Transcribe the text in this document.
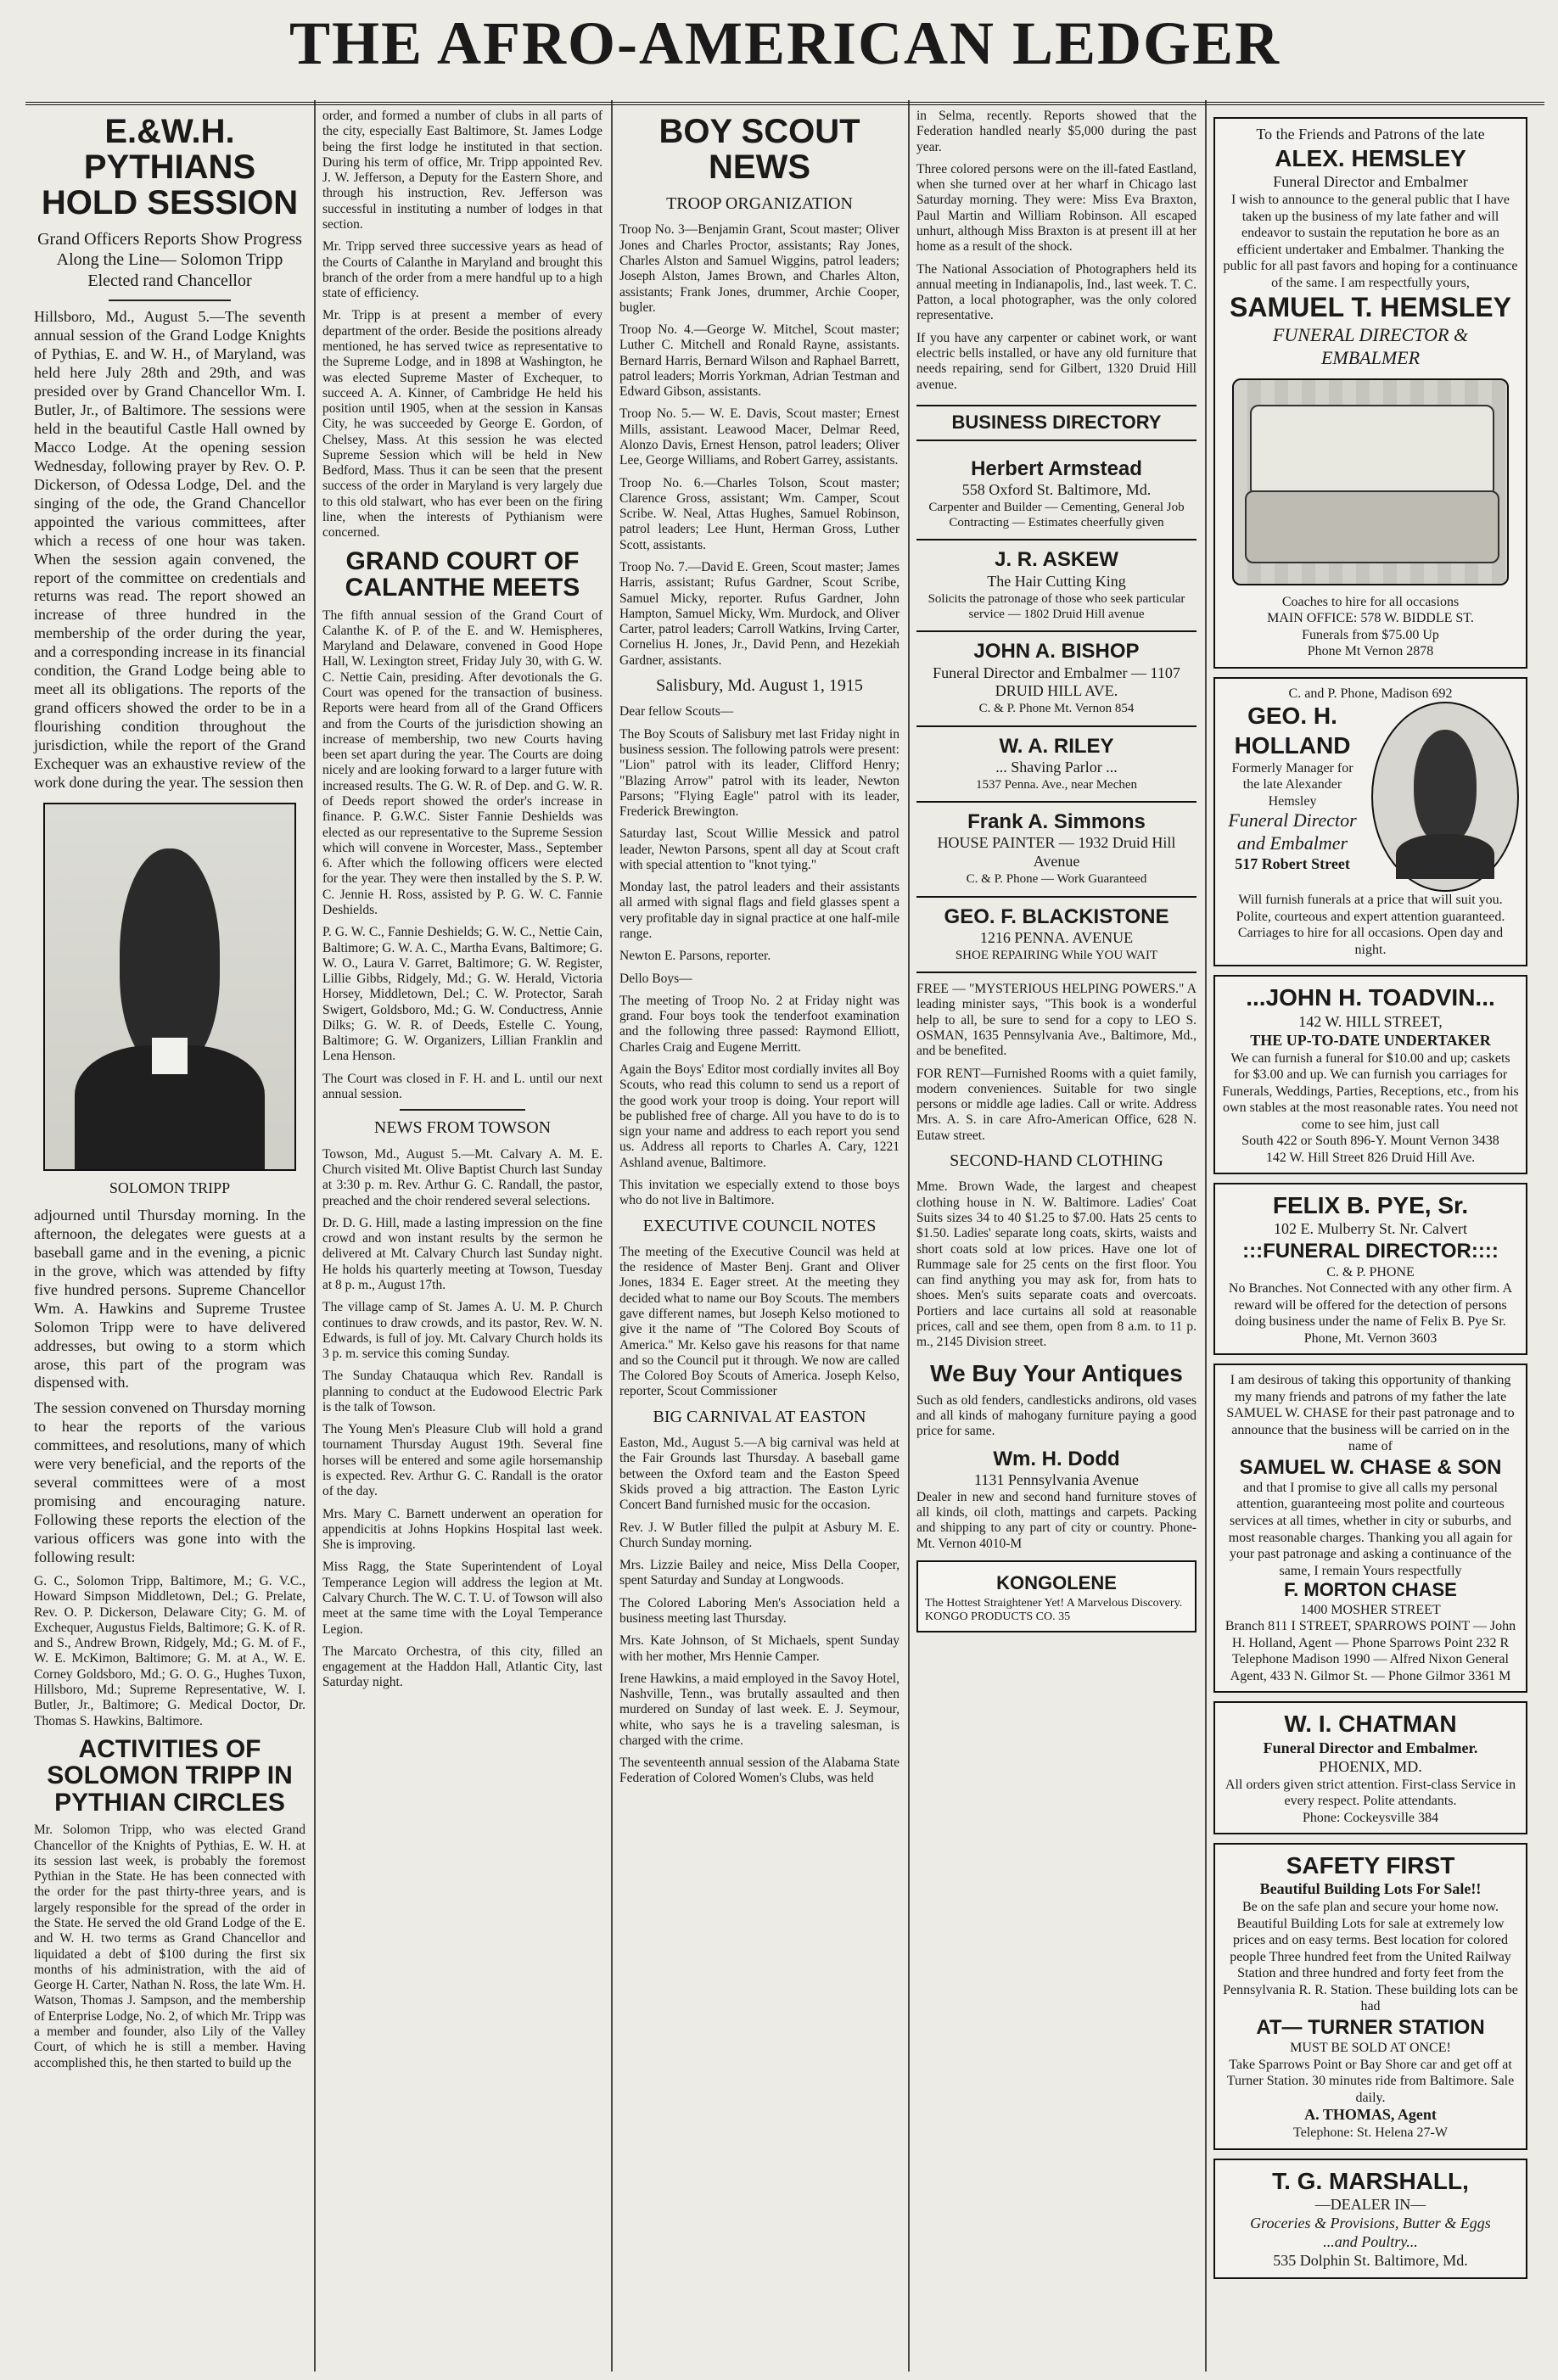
THE AFRO-AMERICAN LEDGER
E.&W.H. PYTHIANS HOLD SESSION
Grand Officers Reports Show Progress Along the Line— Solomon Tripp Elected rand Chancellor

Hillsboro, Md., August 5.—The seventh annual session of the Grand Lodge Knights of Pythias, E. and W. H., of Maryland, was held here July 28th and 29th, and was presided over by Grand Chancellor Wm. I. Butler, Jr., of Baltimore. The sessions were held in the beautiful Castle Hall owned by Macco Lodge. At the opening session Wednesday, following prayer by Rev. O. P. Dickerson, of Odessa Lodge, Del. and the singing of the ode, the Grand Chancellor appointed the various committees, after which a recess of one hour was taken. When the session again convened, the report of the committee on credentials and returns was read. The report showed an increase of three hundred in the membership of the order during the year, and a corresponding increase in its financial condition, the Grand Lodge being able to meet all its obligations. The reports of the grand officers showed the order to be in a flourishing condition throughout the jurisdiction, while the report of the Grand Exchequer was an exhaustive review of the work done during the year. The session then

SOLOMON TRIPP

adjourned until Thursday morning. In the afternoon, the delegates were guests at a baseball game and in the evening, a picnic in the grove, which was attended by fifty five hundred persons. Supreme Chancellor Wm. A. Hawkins and Supreme Trustee Solomon Tripp were to have delivered addresses, but owing to a storm which arose, this part of the program was dispensed with.

The session convened on Thursday morning to hear the reports of the various committees, and resolutions, many of which were very beneficial, and the reports of the several committees were of a most promising and encouraging nature. Following these reports the election of the various officers was gone into with the following result:

G. C., Solomon Tripp, Baltimore, M.; G. V.C., Howard Simpson Middletown, Del.; G. Prelate, Rev. O. P. Dickerson, Delaware City; G. M. of Exchequer, Augustus Fields, Baltimore; G. K. of R. and S., Andrew Brown, Ridgely, Md.; G. M. of F., W. E. McKimon, Baltimore; G. M. at A., W. E. Corney Goldsboro, Md.; G. O. G., Hughes Tuxon, Hillsboro, Md.; Supreme Representative, W. I. Butler, Jr., Baltimore; G. Medical Doctor, Dr. Thomas S. Hawkins, Baltimore.

ACTIVITIES OF SOLOMON TRIPP IN PYTHIAN CIRCLES

Mr. Solomon Tripp, who was elected Grand Chancellor of the Knights of Pythias, E. W. H. at its session last week, is probably the foremost Pythian in the State. He has been connected with the order for the past thirty-three years, and is largely responsible for the spread of the order in the State. He served the old Grand Lodge of the E. and W. H. two terms as Grand Chancellor and liquidated a debt of $100 during the first six months of his administration, with the aid of George H. Carter, Nathan N. Ross, the late Wm. H. Watson, Thomas J. Sampson, and the membership of Enterprise Lodge, No. 2, of which Mr. Tripp was a member and founder, also Lily of the Valley Court, of which he is still a member. Having accomplished this, he then started to build up the

order, and formed a number of clubs in all parts of the city, especially East Baltimore, St. James Lodge being the first lodge he instituted in that section. During his term of office, Mr. Tripp appointed Rev. J. W. Jefferson, a Deputy for the Eastern Shore, and through his instruction, Rev. Jefferson was successful in instituting a number of lodges in that section.

Mr. Tripp served three successive years as head of the Courts of Calanthe in Maryland and brought this branch of the order from a mere handful up to a high state of efficiency.

Mr. Tripp is at present a member of every department of the order. Beside the positions already mentioned, he has served twice as representative to the Supreme Lodge, and in 1898 at Washington, he was elected Supreme Master of Exchequer, to succeed A. A. Kinner, of Cambridge He held his position until 1905, when at the session in Kansas City, he was succeeded by George E. Gordon, of Chelsey, Mass. At this session he was elected Supreme Session which will be held in New Bedford, Mass. Thus it can be seen that the present success of the order in Maryland is very largely due to this old stalwart, who has ever been on the firing line, when the interests of Pythianism were concerned.

GRAND COURT OF CALANTHE MEETS

The fifth annual session of the Grand Court of Calanthe K. of P. of the E. and W. Hemispheres, Maryland and Delaware, convened in Good Hope Hall, W. Lexington street, Friday July 30, with G. W. C. Nettie Cain, presiding. After devotionals the G. Court was opened for the transaction of business. Reports were heard from all of the Grand Officers and from the Courts of the jurisdiction showing an increase of membership, two new Courts having been set apart during the year. The Courts are doing nicely and are looking forward to a larger future with increased results. The G. W. R. of Dep. and G. W. R. of Deeds report showed the order's increase in finance. P. G.W.C. Sister Fannie Deshields was elected as our representative to the Supreme Session which will convene in Worcester, Mass., September 6. After which the following officers were elected for the year. They were then installed by the S. P. W. C. Jennie H. Ross, assisted by P. G. W. C. Fannie Deshields.

P. G. W. C., Fannie Deshields; G. W. C., Nettie Cain, Baltimore; G. W. A. C., Martha Evans, Baltimore; G. W. O., Laura V. Garret, Baltimore; G. W. Register, Lillie Gibbs, Ridgely, Md.; G. W. Herald, Victoria Horsey, Middletown, Del.; C. W. Protector, Sarah Swigert, Goldsboro, Md.; G. W. Conductress, Annie Dilks; G. W. R. of Deeds, Estelle C. Young, Baltimore; G. W. Organizers, Lillian Franklin and Lena Henson.

The Court was closed in F. H. and L. until our next annual session.

NEWS FROM TOWSON

Towson, Md., August 5.—Mt. Calvary A. M. E. Church visited Mt. Olive Baptist Church last Sunday at 3:30 p. m. Rev. Arthur G. C. Randall, the pastor, preached and the choir rendered several selections.

Dr. D. G. Hill, made a lasting impression on the fine crowd and won instant results by the sermon he delivered at Mt. Calvary Church last Sunday night. He holds his quarterly meeting at Towson, Tuesday at 8 p. m., August 17th.

The village camp of St. James A. U. M. P. Church continues to draw crowds, and its pastor, Rev. W. N. Edwards, is full of joy. Mt. Calvary Church holds its 3 p. m. service this coming Sunday.

The Sunday Chatauqua which Rev. Randall is planning to conduct at the Eudowood Electric Park is the talk of Towson.

The Young Men's Pleasure Club will hold a grand tournament Thursday August 19th. Several fine horses will be entered and some agile horsemanship is expected. Rev. Arthur G. C. Randall is the orator of the day.

Mrs. Mary C. Barnett underwent an operation for appendicitis at Johns Hopkins Hospital last week. She is improving.

Miss Ragg, the State Superintendent of Loyal Temperance Legion will address the legion at Mt. Calvary Church. The W. C. T. U. of Towson will also meet at the same time with the Loyal Temperance Legion.

The Marcato Orchestra, of this city, filled an engagement at the Haddon Hall, Atlantic City, last Saturday night.

BOY SCOUT NEWS
TROOP ORGANIZATION

Troop No. 3—Benjamin Grant, Scout master; Oliver Jones and Charles Proctor, assistants; Ray Jones, Charles Alston and Samuel Wiggins, patrol leaders; Joseph Alston, James Brown, and Charles Alton, assistants; Frank Jones, drummer, Archie Cooper, bugler.

Troop No. 4.—George W. Mitchel, Scout master; Luther C. Mitchell and Ronald Rayne, assistants. Bernard Harris, Bernard Wilson and Raphael Barrett, patrol leaders; Morris Yorkman, Adrian Testman and Edward Gibson, assistants.

Troop No. 5.— W. E. Davis, Scout master; Ernest Mills, assistant. Leawood Macer, Delmar Reed, Alonzo Davis, Ernest Henson, patrol leaders; Oliver Lee, George Williams, and Robert Garrey, assistants.

Troop No. 6.—Charles Tolson, Scout master; Clarence Gross, assistant; Wm. Camper, Scout Scribe. W. Neal, Attas Hughes, Samuel Robinson, patrol leaders; Lee Hunt, Herman Gross, Luther Scott, assistants.

Troop No. 7.—David E. Green, Scout master; James Harris, assistant; Rufus Gardner, Scout Scribe, Samuel Micky, reporter. Rufus Gardner, John Hampton, Samuel Micky, Wm. Murdock, and Oliver Carter, patrol leaders; Carroll Watkins, Irving Carter, Cornelius H. Jones, Jr., David Penn, and Hezekiah Gardner, assistants.

Salisbury, Md. August 1, 1915

Dear fellow Scouts—

The Boy Scouts of Salisbury met last Friday night in business session. The following patrols were present: "Lion" patrol with its leader, Clifford Henry; "Blazing Arrow" patrol with its leader, Newton Parsons; "Flying Eagle" patrol with its leader, Frederick Brewington.

Saturday last, Scout Willie Messick and patrol leader, Newton Parsons, spent all day at Scout craft with special attention to "knot tying."

Monday last, the patrol leaders and their assistants all armed with signal flags and field glasses spent a very profitable day in signal practice at one half-mile range.

Newton E. Parsons, reporter.

Dello Boys—

The meeting of Troop No. 2 at Friday night was grand. Four boys took the tenderfoot examination and the following three passed: Raymond Elliott, Charles Craig and Eugene Merritt.

Again the Boys' Editor most cordially invites all Boy Scouts, who read this column to send us a report of the good work your troop is doing. Your report will be published free of charge. All you have to do is to sign your name and address to each report you send us. Address all reports to Charles A. Cary, 1221 Ashland avenue, Baltimore.

This invitation we especially extend to those boys who do not live in Baltimore.

EXECUTIVE COUNCIL NOTES

The meeting of the Executive Council was held at the residence of Master Benj. Grant and Oliver Jones, 1834 E. Eager street. At the meeting they decided what to name our Boy Scouts. The members gave different names, but Joseph Kelso motioned to give it the name of "The Colored Boy Scouts of America." Mr. Kelso gave his reasons for that name and so the Council put it through. We now are called The Colored Boy Scouts of America. Joseph Kelso, reporter, Scout Commissioner

BIG CARNIVAL AT EASTON

Easton, Md., August 5.—A big carnival was held at the Fair Grounds last Thursday. A baseball game between the Oxford team and the Easton Speed Skids proved a big attraction. The Easton Lyric Concert Band furnished music for the occasion.

Rev. J. W Butler filled the pulpit at Asbury M. E. Church Sunday morning.

Mrs. Lizzie Bailey and neice, Miss Della Cooper, spent Saturday and Sunday at Longwoods.

The Colored Laboring Men's Association held a business meeting last Thursday.

Mrs. Kate Johnson, of St Michaels, spent Sunday with her mother, Mrs Hennie Camper.

Irene Hawkins, a maid employed in the Savoy Hotel, Nashville, Tenn., was brutally assaulted and then murdered on Sunday of last week. E. J. Seymour, white, who says he is a traveling salesman, is charged with the crime.

The seventeenth annual session of the Alabama State Federation of Colored Women's Clubs, was held

in Selma, recently. Reports showed that the Federation handled nearly $5,000 during the past year.

Three colored persons were on the ill-fated Eastland, when she turned over at her wharf in Chicago last Saturday morning. They were: Miss Eva Braxton, Paul Martin and William Robinson. All escaped unhurt, although Miss Braxton is at present ill at her home as a result of the shock.

The National Association of Photographers held its annual meeting in Indianapolis, Ind., last week. T. C. Patton, a local photographer, was the only colored representative.

If you have any carpenter or cabinet work, or want electric bells installed, or have any old furniture that needs repairing, send for Gilbert, 1320 Druid Hill avenue.

BUSINESS DIRECTORY
Herbert Armstead
558 Oxford St. Baltimore, Md.
Carpenter and Builder — Cementing, General Job Contracting — Estimates cheerfully given
J. R. ASKEW
The Hair Cutting King
Solicits the patronage of those who seek particular service — 1802 Druid Hill avenue
JOHN A. BISHOP
Funeral Director and Embalmer — 1107 DRUID HILL AVE.
C. & P. Phone Mt. Vernon 854
W. A. RILEY
... Shaving Parlor ...
1537 Penna. Ave., near Mechen
Frank A. Simmons
HOUSE PAINTER — 1932 Druid Hill Avenue
C. & P. Phone — Work Guaranteed
GEO. F. BLACKISTONE
1216 PENNA. AVENUE
SHOE REPAIRING While YOU WAIT

FREE — "MYSTERIOUS HELPING POWERS." A leading minister says, "This book is a wonderful help to all, be sure to send for a copy to LEO S. OSMAN, 1635 Pennsylvania Ave., Baltimore, Md., and be benefited.

FOR RENT—Furnished Rooms with a quiet family, modern conveniences. Suitable for two single persons or middle age ladies. Call or write. Address Mrs. A. S. in care Afro-American Office, 628 N. Eutaw street.

SECOND-HAND CLOTHING

Mme. Brown Wade, the largest and cheapest clothing house in N. W. Baltimore. Ladies' Coat Suits sizes 34 to 40 $1.25 to $7.00. Hats 25 cents to $1.50. Ladies' separate long coats, skirts, waists and short coats sold at low prices. Have one lot of Rummage sale for 25 cents on the first floor. You can find anything you may ask for, from hats to shoes. Men's suits separate coats and overcoats. Portiers and lace curtains all sold at reasonable prices, call and see them, open from 8 a.m. to 11 p. m., 2145 Division street.

We Buy Your Antiques

Such as old fenders, candlesticks andirons, old vases and all kinds of mahogany furniture paying a good price for same.

Wm. H. Dodd
1131 Pennsylvania Avenue

Dealer in new and second hand furniture stoves of all kinds, oil cloth, mattings and carpets. Packing and shipping to any part of city or country. Phone-Mt. Vernon 4010-M

KONGOLENE
The Hottest Straightener Yet! A Marvelous Discovery. KONGO PRODUCTS CO. 35
To the Friends and Patrons of the late
ALEX. HEMSLEY
Funeral Director and Embalmer
I wish to announce to the general public that I have taken up the business of my late father and will endeavor to sustain the reputation he bore as an efficient undertaker and Embalmer. Thanking the public for all past favors and hoping for a continuance of the same. I am respectfully yours,
SAMUEL T. HEMSLEY
FUNERAL DIRECTOR & EMBALMER
Coaches to hire for all occasions
MAIN OFFICE: 578 W. BIDDLE ST.
Funerals from $75.00 Up
Phone Mt Vernon 2878
C. and P. Phone, Madison 692
GEO. H. HOLLAND
Formerly Manager for the late Alexander Hemsley
Funeral Director and Embalmer
517 Robert Street
Will furnish funerals at a price that will suit you. Polite, courteous and expert attention guaranteed. Carriages to hire for all occasions. Open day and night.
...JOHN H. TOADVIN...
142 W. HILL STREET,
THE UP-TO-DATE UNDERTAKER
We can furnish a funeral for $10.00 and up; caskets for $3.00 and up. We can furnish you carriages for Funerals, Weddings, Parties, Receptions, etc., from his own stables at the most reasonable rates. You need not come to see him, just call
South 422 or South 896-Y. Mount Vernon 3438
142 W. Hill Street 826 Druid Hill Ave.
FELIX B. PYE, Sr.
102 E. Mulberry St. Nr. Calvert
:::FUNERAL DIRECTOR::::
C. & P. PHONE
No Branches. Not Connected with any other firm. A reward will be offered for the detection of persons doing business under the name of Felix B. Pye Sr.
Phone, Mt. Vernon 3603
I am desirous of taking this opportunity of thanking my many friends and patrons of my father the late SAMUEL W. CHASE for their past patronage and to announce that the business will be carried on in the name of
SAMUEL W. CHASE & SON
and that I promise to give all calls my personal attention, guaranteeing most polite and courteous services at all times, whether in city or suburbs, and most reasonable charges. Thanking you all again for your past patronage and asking a continuance of the same, I remain Yours respectfully
F. MORTON CHASE
1400 MOSHER STREET
Branch 811 I STREET, SPARROWS POINT — John H. Holland, Agent — Phone Sparrows Point 232 R
Telephone Madison 1990 — Alfred Nixon General Agent, 433 N. Gilmor St. — Phone Gilmor 3361 M
W. I. CHATMAN
Funeral Director and Embalmer.
PHOENIX, MD.
All orders given strict attention. First-class Service in every respect. Polite attendants.
Phone: Cockeysville 384
SAFETY FIRST
Beautiful Building Lots For Sale!!
Be on the safe plan and secure your home now. Beautiful Building Lots for sale at extremely low prices and on easy terms. Best location for colored people Three hundred feet from the United Railway Station and three hundred and forty feet from the Pennsylvania R. R. Station. These building lots can be had
AT— TURNER STATION
MUST BE SOLD AT ONCE!
Take Sparrows Point or Bay Shore car and get off at Turner Station. 30 minutes ride from Baltimore. Sale daily.
A. THOMAS, Agent
Telephone: St. Helena 27-W
T. G. MARSHALL,
—DEALER IN—
Groceries & Provisions, Butter & Eggs
...and Poultry...
535 Dolphin St. Baltimore, Md.
